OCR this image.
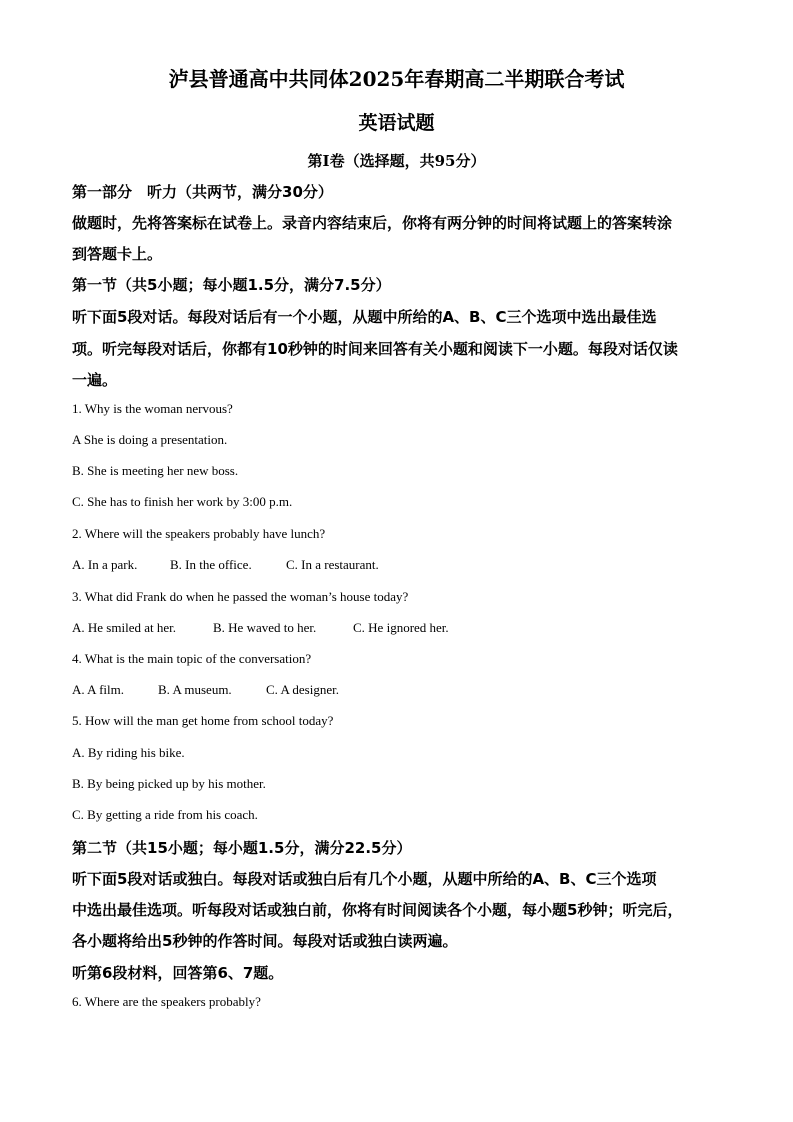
泸县普通高中共同体2025年春期高二半期联合考试
英语试题
第Ⅰ卷（选择题，共95分）
第一部分　听力（共两节，满分30分）
做题时，先将答案标在试卷上。录音内容结束后，你将有两分钟的时间将试题上的答案转涂
到答题卡上。
第一节（共5小题；每小题1.5分，满分7.5分）
听下面5段对话。每段对话后有一个小题，从题中所给的A、B、C三个选项中选出最佳选
项。听完每段对话后，你都有10秒钟的时间来回答有关小题和阅读下一小题。每段对话仅读
一遍。
1. Why is the woman nervous?
A She is doing a presentation.
B. She is meeting her new boss.
C. She has to finish her work by 3:00 p.m.
2. Where will the speakers probably have lunch?
A. In a park.	B. In the office.	C. In a restaurant.
3. What did Frank do when he passed the woman’s house today?
A. He smiled at her.	B. He waved to her.	C. He ignored her.
4. What is the main topic of the conversation?
A. A film.	B. A museum.	C. A designer.
5. How will the man get home from school today?
A. By riding his bike.
B. By being picked up by his mother.
C. By getting a ride from his coach.
第二节（共15小题；每小题1.5分，满分22.5分）
听下面5段对话或独白。每段对话或独白后有几个小题，从题中所给的A、B、C三个选项
中选出最佳选项。听每段对话或独白前，你将有时间阅读各个小题，每小题5秒钟；听完后，
各小题将给出5秒钟的作答时间。每段对话或独白读两遍。
听第6段材料，回答第6、7题。
6. Where are the speakers probably?
